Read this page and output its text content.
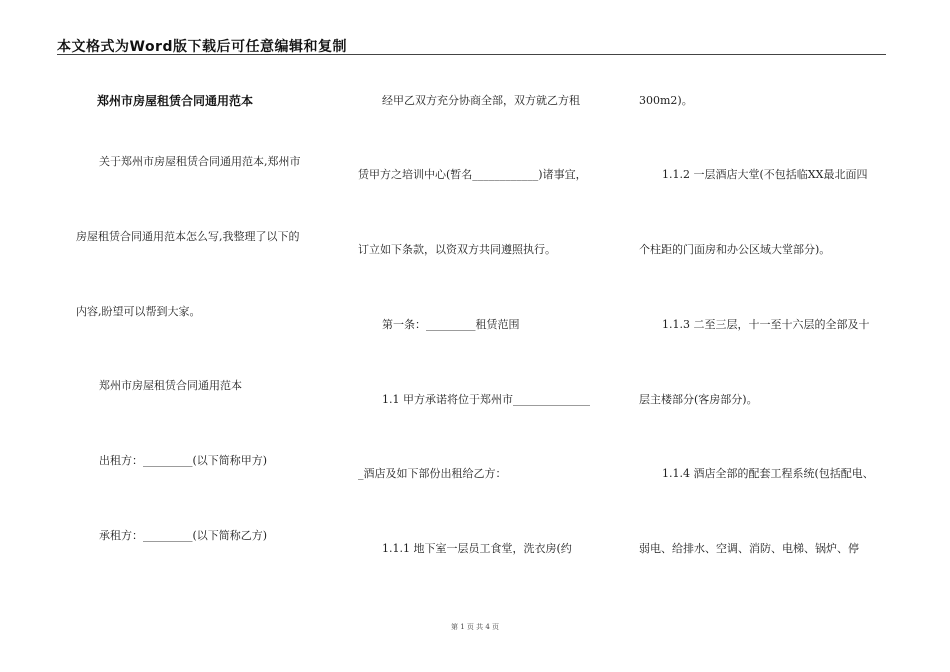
本文格式为Word版下载后可任意编辑和复制
郑州市房屋租赁合同通用范本
关于郑州市房屋租赁合同通用范本,郑州市
房屋租赁合同通用范本怎么写,我整理了以下的
内容,盼望可以帮到大家。
郑州市房屋租赁合同通用范本
出租方：_________(以下简称甲方)
承租方：_________(以下简称乙方)
经甲乙双方充分协商全部，双方就乙方租
赁甲方之培训中心(暂名____________)诸事宜，
订立如下条款，以资双方共同遵照执行。
第一条：_________租赁范围
1.1 甲方承诺将位于郑州市______________
_酒店及如下部份出租给乙方：
1.1.1 地下室一层员工食堂，洗衣房(约
300m2)。
1.1.2 一层酒店大堂(不包括临XX最北面四
个柱距的门面房和办公区域大堂部分)。
1.1.3 二至三层，十一至十六层的全部及十
层主楼部分(客房部分)。
1.1.4 酒店全部的配套工程系统(包括配电、
弱电、给排水、空调、消防、电梯、锅炉、停
第 1 页 共 4 页
